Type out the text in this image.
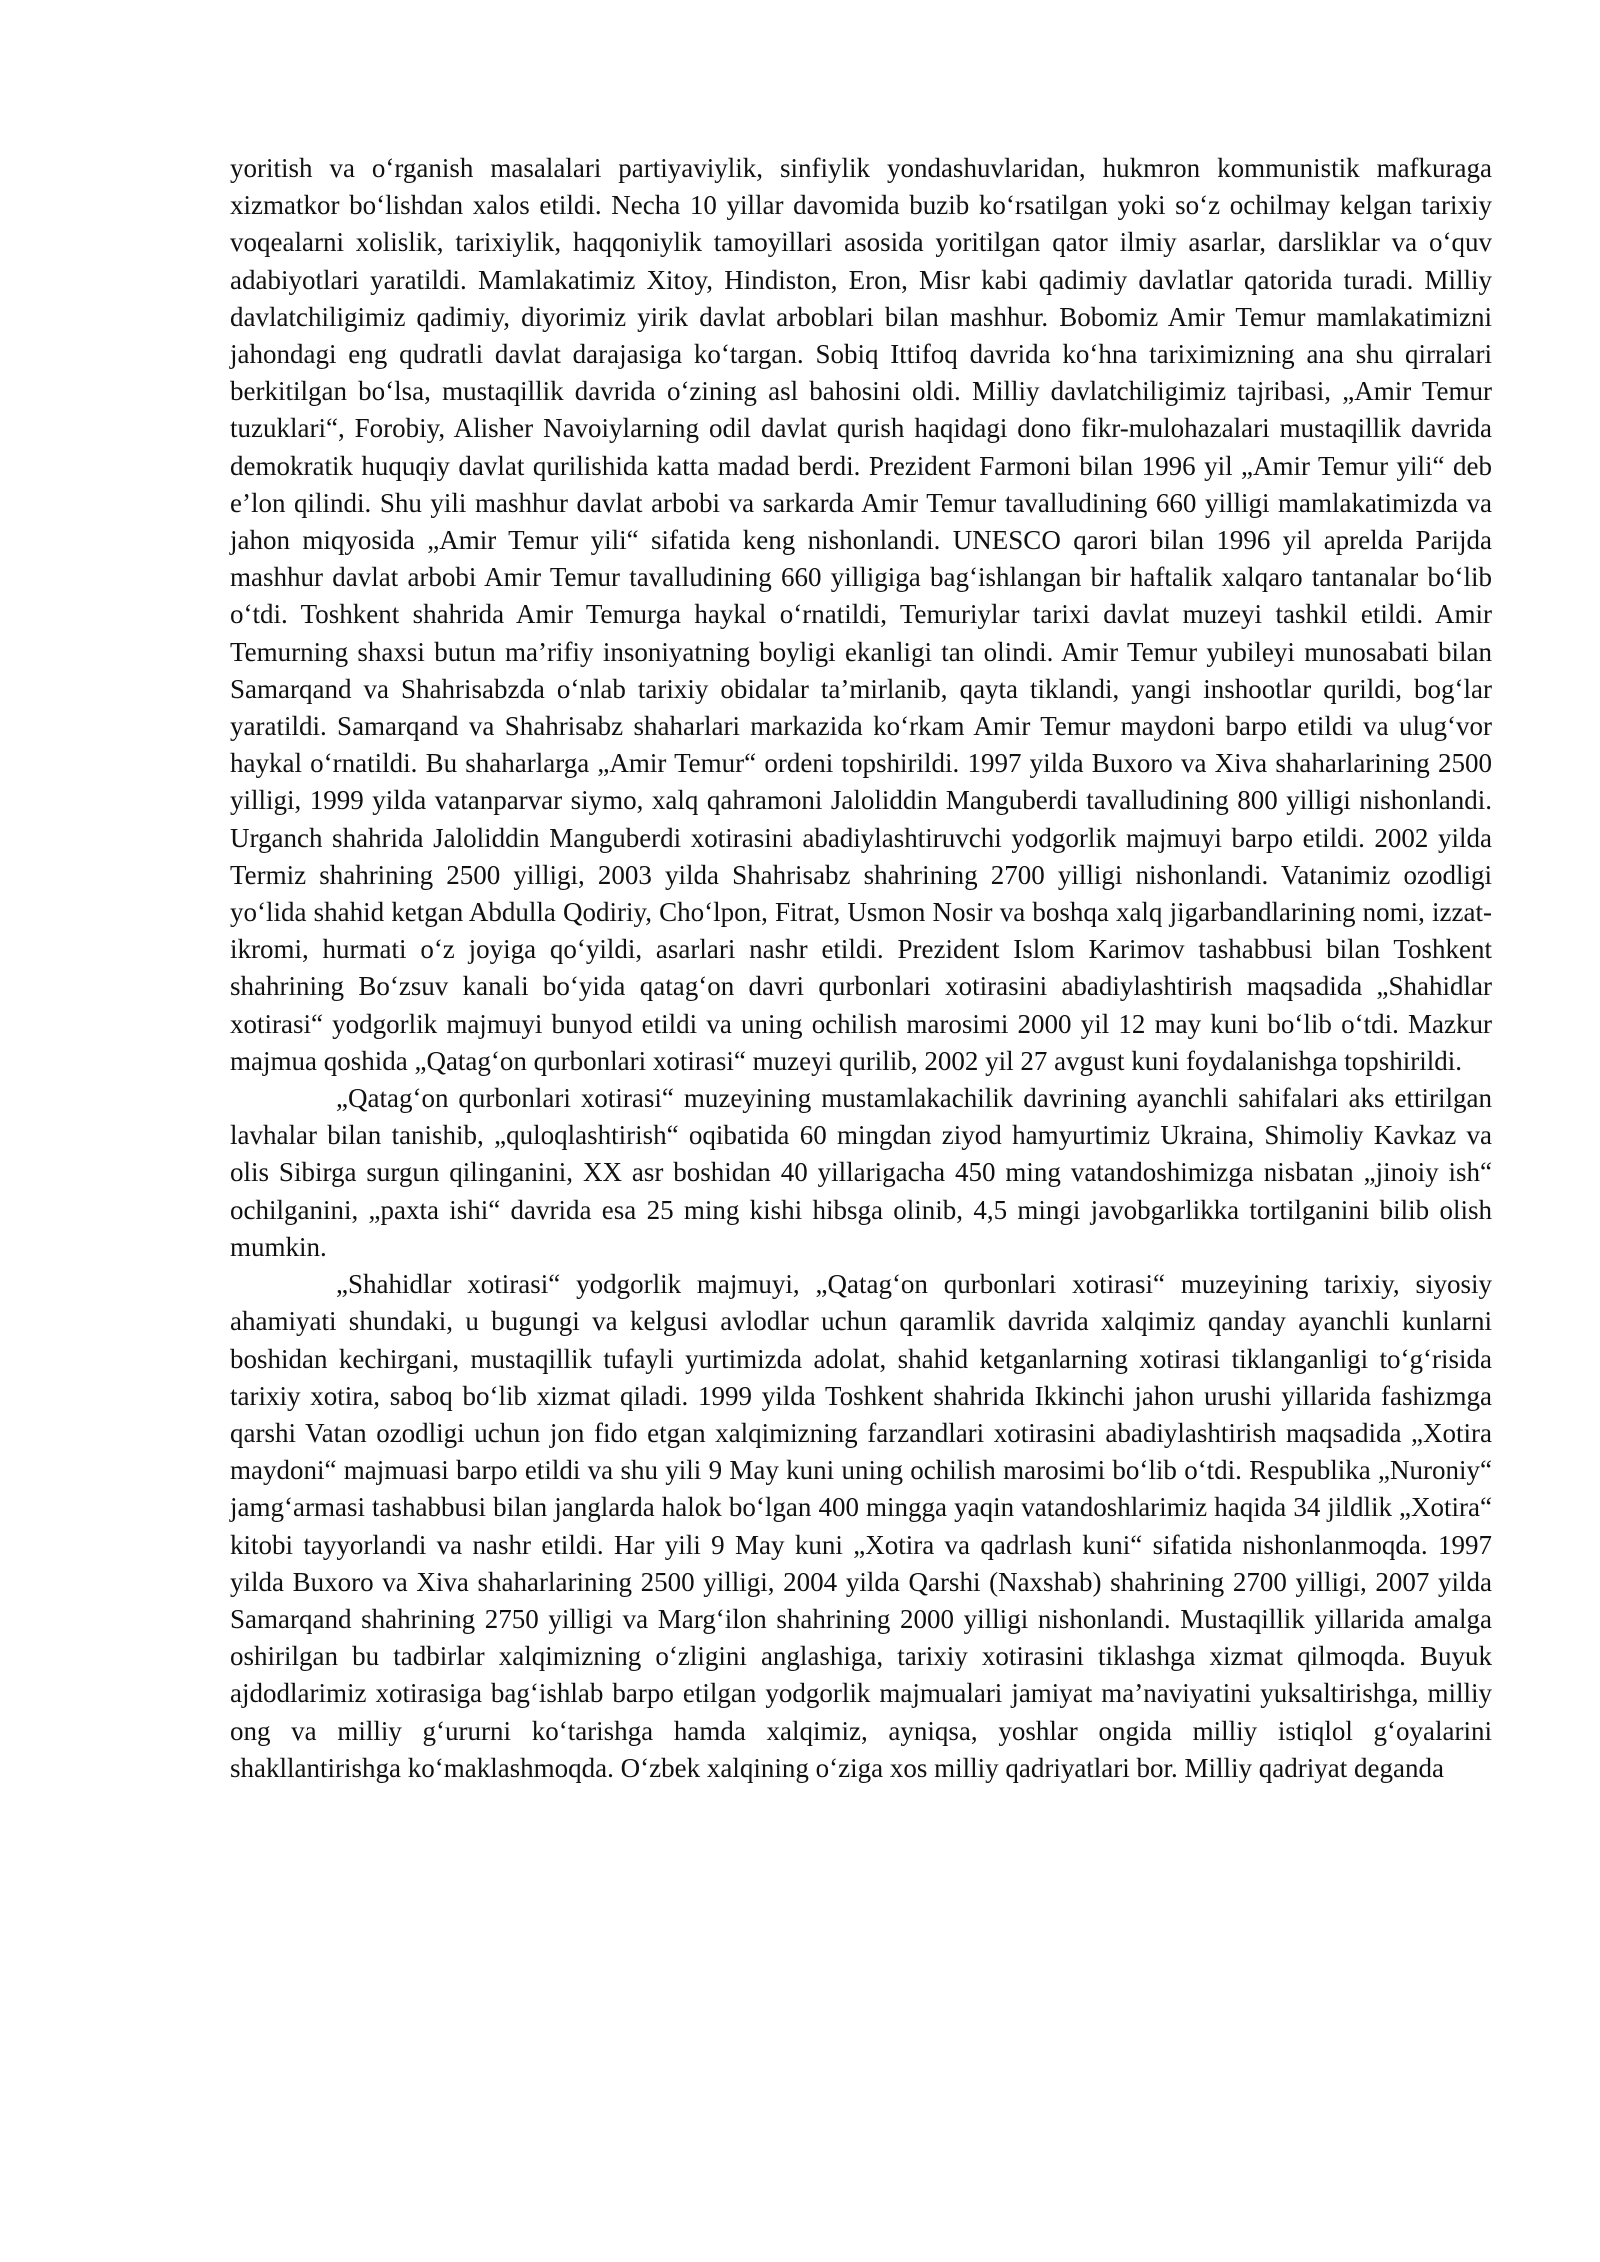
yoritish va o‘rganish masalalari partiyaviylik, sinfiylik yondashuvlaridan, hukmron kommunistik mafkuraga xizmatkor bo‘lishdan xalos etildi. Necha 10 yillar davomida buzib ko‘rsatilgan yoki so‘z ochilmay kelgan tarixiy voqealarni xolislik, tarixiylik, haqqoniylik tamoyillari asosida yoritilgan qator ilmiy asarlar, darsliklar va o‘quv adabiyotlari yaratildi. Mamlakatimiz Xitoy, Hindiston, Eron, Misr kabi qadimiy davlatlar qatorida turadi. Milliy davlatchiligimiz qadimiy, diyorimiz yirik davlat arboblari bilan mashhur. Bobomiz Amir Temur mamlakatimizni jahondagi eng qudratli davlat darajasiga ko‘targan. Sobiq Ittifoq davrida ko‘hna tariximizning ana shu qirralari berkitilgan bo‘lsa, mustaqillik davrida o‘zining asl bahosini oldi. Milliy davlatchiligimiz tajribasi, „Amir Temur tuzuklari“, Forobiy, Alisher Navoiylarning odil davlat qurish haqidagi dono fikr-mulohazalari mustaqillik davrida demokratik huquqiy davlat qurilishida katta madad berdi. Prezident Farmoni bilan 1996 yil „Amir Temur yili“ deb e’lon qilindi. Shu yili mashhur davlat arbobi va sarkarda Amir Temur tavalludining 660 yilligi mamlakatimizda va jahon miqyosida „Amir Temur yili“ sifatida keng nishonlandi. UNESCO qarori bilan 1996 yil aprelda Parijda mashhur davlat arbobi Amir Temur tavalludining 660 yilligiga bag‘ishlangan bir haftalik xalqaro tantanalar bo‘lib o‘tdi. Toshkent shahrida Amir Temurga haykal o‘rnatildi, Temuriylar tarixi davlat muzeyi tashkil etildi. Amir Temurning shaxsi butun ma’rifiy insoniyatning boyligi ekanligi tan olindi. Amir Temur yubileyi munosabati bilan Samarqand va Shahrisabzda o‘nlab tarixiy obidalar ta’mirlanib, qayta tiklandi, yangi inshootlar qurildi, bog‘lar yaratildi. Samarqand va Shahrisabz shaharlari markazida ko‘rkam Amir Temur maydoni barpo etildi va ulug‘vor haykal o‘rnatildi. Bu shaharlarga „Amir Temur“ ordeni topshirildi. 1997 yilda Buxoro va Xiva shaharlarining 2500 yilligi, 1999 yilda vatanparvar siymo, xalq qahramoni Jaloliddin Manguberdi tavalludining 800 yilligi nishonlandi. Urganch shahrida Jaloliddin Manguberdi xotirasini abadiylashtiruvchi yodgorlik majmuyi barpo etildi. 2002 yilda Termiz shahrining 2500 yilligi, 2003 yilda Shahrisabz shahrining 2700 yilligi nishonlandi. Vatanimiz ozodligi yo‘lida shahid ketgan Abdulla Qodiriy, Cho‘lpon, Fitrat, Usmon Nosir va boshqa xalq jigarbandlarining nomi, izzat-ikromi, hurmati o‘z joyiga qo‘yildi, asarlari nashr etildi. Prezident Islom Karimov tashabbusi bilan Toshkent shahrining Bo‘zsuv kanali bo‘yida qatag‘on davri qurbonlari xotirasini abadiylashtirish maqsadida „Shahidlar xotirasi“ yodgorlik majmuyi bunyod etildi va uning ochilish marosimi 2000 yil 12 may kuni bo‘lib o‘tdi. Mazkur majmua qoshida „Qatag‘on qurbonlari xotirasi“ muzeyi qurilib, 2002 yil 27 avgust kuni foydalanishga topshirildi.

„Qatag‘on qurbonlari xotirasi“ muzeyining mustamlakachilik davrining ayanchli sahifalari aks ettirilgan lavhalar bilan tanishib, „quloqlashtirish“ oqibatida 60 mingdan ziyod hamyurtimiz Ukraina, Shimoliy Kavkaz va olis Sibirga surgun qilinganini, XX asr boshidan 40 yillarigacha 450 ming vatandoshimizga nisbatan „jinoiy ish“ ochilganini, „paxta ishi“ davrida esa 25 ming kishi hibsga olinib, 4,5 mingi javobgarlikka tortilganini bilib olish mumkin.

„Shahidlar xotirasi“ yodgorlik majmuyi, „Qatag‘on qurbonlari xotirasi“ muzeyining tarixiy, siyosiy ahamiyati shundaki, u bugungi va kelgusi avlodlar uchun qaramlik davrida xalqimiz qanday ayanchli kunlarni boshidan kechirgani, mustaqillik tufayli yurtimizda adolat, shahid ketganlarning xotirasi tiklanganligi to‘g‘risida tarixiy xotira, saboq bo‘lib xizmat qiladi. 1999 yilda Toshkent shahrida Ikkinchi jahon urushi yillarida fashizmga qarshi Vatan ozodligi uchun jon fido etgan xalqimizning farzandlari xotirasini abadiylashtirish maqsadida „Xotira maydoni“ majmuasi barpo etildi va shu yili 9 May kuni uning ochilish marosimi bo‘lib o‘tdi. Respublika „Nuroniy“ jamg‘armasi tashabbusi bilan janglarda halok bo‘lgan 400 mingga yaqin vatandoshlarimiz haqida 34 jildlik „Xotira“ kitobi tayyorlandi va nashr etildi. Har yili 9 May kuni „Xotira va qadrlash kuni“ sifatida nishonlanmoqda. 1997 yilda Buxoro va Xiva shaharlarining 2500 yilligi, 2004 yilda Qarshi (Naxshab) shahrining 2700 yilligi, 2007 yilda Samarqand shahrining 2750 yilligi va Marg‘ilon shahrining 2000 yilligi nishonlandi. Mustaqillik yillarida amalga oshirilgan bu tadbirlar xalqimizning o‘zligini anglashiga, tarixiy xotirasini tiklashga xizmat qilmoqda. Buyuk ajdodlarimiz xotirasiga bag‘ishlab barpo etilgan yodgorlik majmualari jamiyat ma’naviyatini yuksaltirishga, milliy ong va milliy g‘ururni ko‘tarishga hamda xalqimiz, ayniqsa, yoshlar ongida milliy istiqlol g‘oyalarini shakllantirishga ko‘maklashmoqda. O‘zbek xalqining o‘ziga xos milliy qadriyatlari bor. Milliy qadriyat deganda
